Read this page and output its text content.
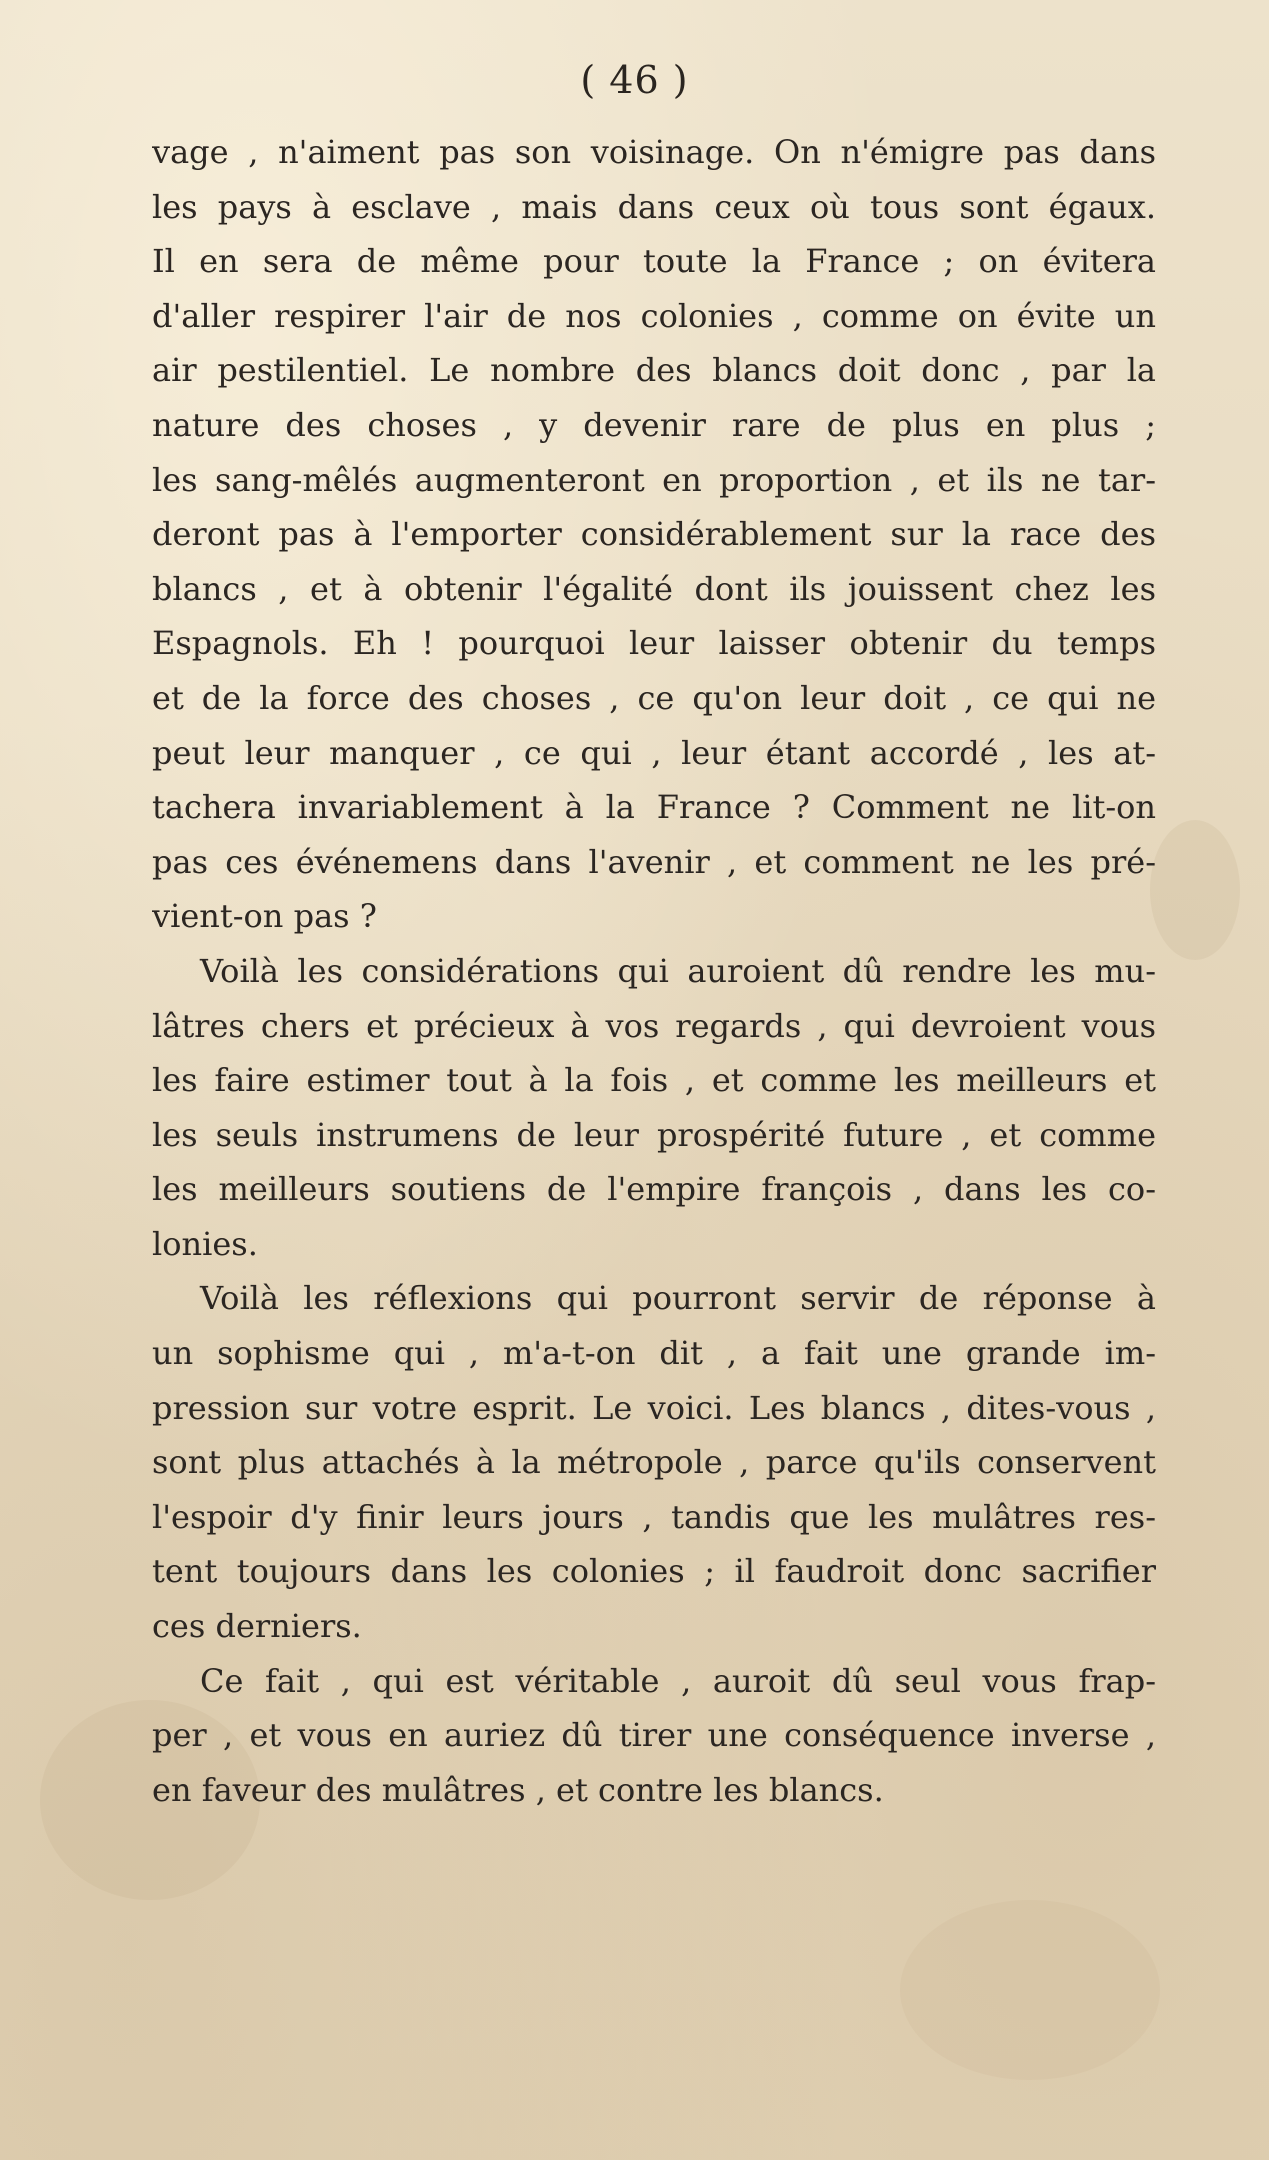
( 46 )
vage , n'aiment pas son voisinage. On n'émigre pas dans
les pays à esclave , mais dans ceux où tous sont égaux.
Il en sera de même pour toute la France ; on évitera
d'aller respirer l'air de nos colonies , comme on évite un
air pestilentiel. Le nombre des blancs doit donc , par la
nature des choses , y devenir rare de plus en plus ;
les sang-mêlés augmenteront en proportion , et ils ne tar-
deront pas à l'emporter considérablement sur la race des
blancs , et à obtenir l'égalité dont ils jouissent chez les
Espagnols. Eh ! pourquoi leur laisser obtenir du temps
et de la force des choses , ce qu'on leur doit , ce qui ne
peut leur manquer , ce qui , leur étant accordé , les at-
tachera invariablement à la France ? Comment ne lit-on
pas ces événemens dans l'avenir , et comment ne les pré-
vient-on pas ?
Voilà les considérations qui auroient dû rendre les mu-
lâtres chers et précieux à vos regards , qui devroient vous
les faire estimer tout à la fois , et comme les meilleurs et
les seuls instrumens de leur prospérité future , et comme
les meilleurs soutiens de l'empire françois , dans les co-
lonies.
Voilà les réflexions qui pourront servir de réponse à
un sophisme qui , m'a-t-on dit , a fait une grande im-
pression sur votre esprit. Le voici. Les blancs , dites-vous ,
sont plus attachés à la métropole , parce qu'ils conservent
l'espoir d'y finir leurs jours , tandis que les mulâtres res-
tent toujours dans les colonies ; il faudroit donc sacrifier
ces derniers.
Ce fait , qui est véritable , auroit dû seul vous frap-
per , et vous en auriez dû tirer une conséquence inverse ,
en faveur des mulâtres , et contre les blancs.
